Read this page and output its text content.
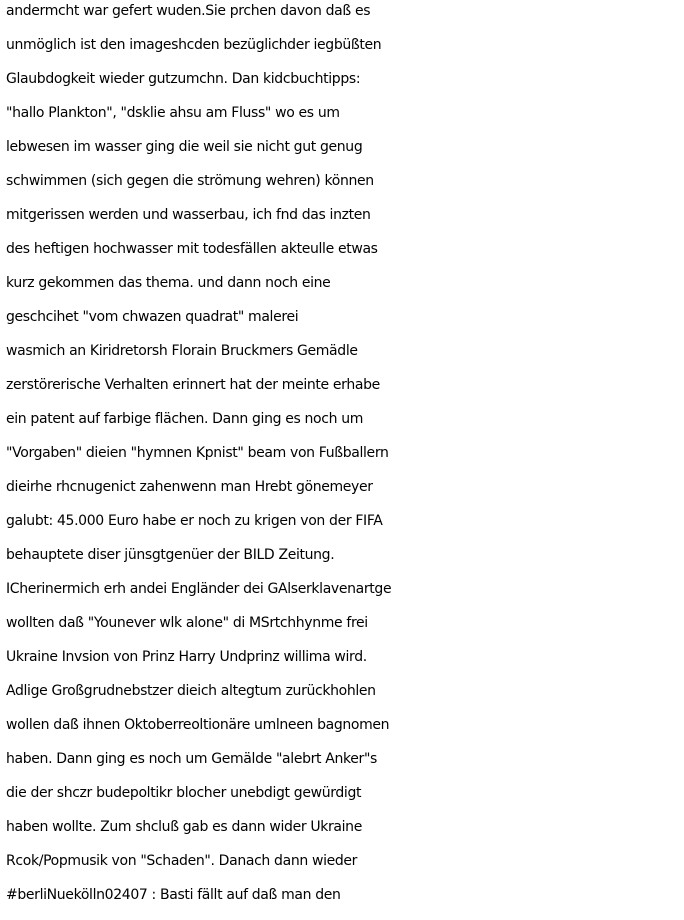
andermcht war gefert wuden.Sie prchen davon daß es
unmöglich ist den imageshcden bezüglichder iegbüßten
Glaubdogkeit wieder gutzumchn. Dan kidcbuchtipps:
"hallo Plankton", "dsklie ahsu am Fluss" wo es um
lebwesen im wasser ging die weil sie nicht gut genug
schwimmen (sich gegen die strömung wehren) können
mitgerissen werden und wasserbau, ich fnd das inzten
des heftigen hochwasser mit todesfällen akteulle etwas
kurz gekommen das thema. und dann noch eine
geschcihet "vom chwazen quadrat" malerei
wasmich an Kiridretorsh Florain Bruckmers Gemädle
zerstörerische Verhalten erinnert hat der meinte erhabe
ein patent auf farbige flächen. Dann ging es noch um
"Vorgaben" dieien "hymnen Kpnist" beam von Fußballern
dieirhe rhcnugenict zahenwenn man Hrebt gönemeyer
galubt: 45.000 Euro habe er noch zu krigen von der FIFA
behauptete diser jünsgtgenüer der BILD Zeitung.
ICherinermich erh andei Engländer dei GAlserklavenartge
wollten daß "Younever wlk alone" di MSrtchhynme frei
Ukraine Invsion von Prinz Harry Undprinz willima wird.
Adlige Großgrudnebstzer dieich altegtum zurückhohlen
wollen daß ihnen Oktoberreoltionäre umlneen bagnomen
haben. Dann ging es noch um Gemälde "alebrt Anker"s
die der shczr budepoltikr blocher unebdigt gewürdigt
haben wollte. Zum shcluß gab es dann wider Ukraine
Rcok/Popmusik von "Schaden". Danach dann wieder
#berliNuekölln02407 : Basti fällt auf daß man den
